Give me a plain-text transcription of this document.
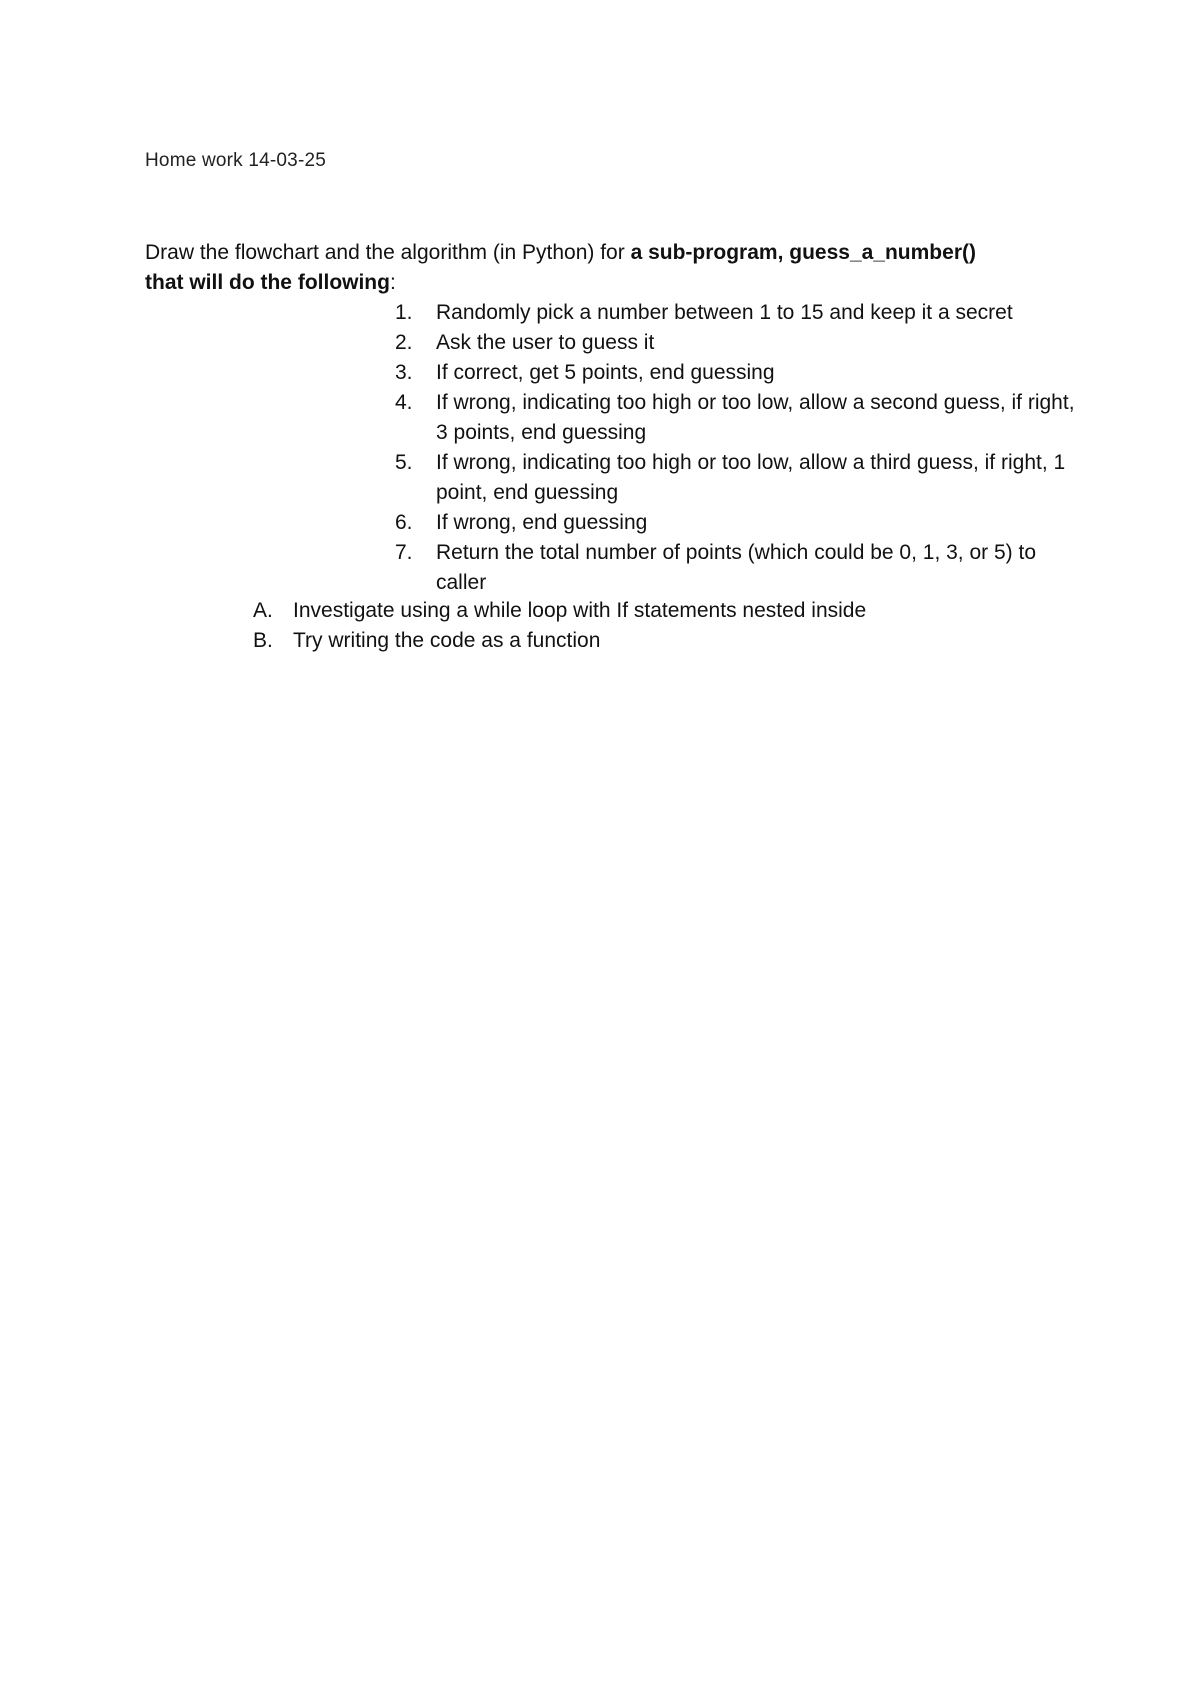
Home work 14-03-25
Draw the flowchart and the algorithm (in Python) for a sub-program, guess_a_number()
that will do the following:
1. Randomly pick a number between 1 to 15 and keep it a secret
2. Ask the user to guess it
3. If correct, get 5 points, end guessing
4. If wrong, indicating too high or too low, allow a second guess, if right, 3 points, end guessing
5. If wrong, indicating too high or too low, allow a third guess, if right, 1 point, end guessing
6. If wrong, end guessing
7. Return the total number of points (which could be 0, 1, 3, or 5) to caller
A. Investigate using a while loop with If statements nested inside
B. Try writing the code as a function
